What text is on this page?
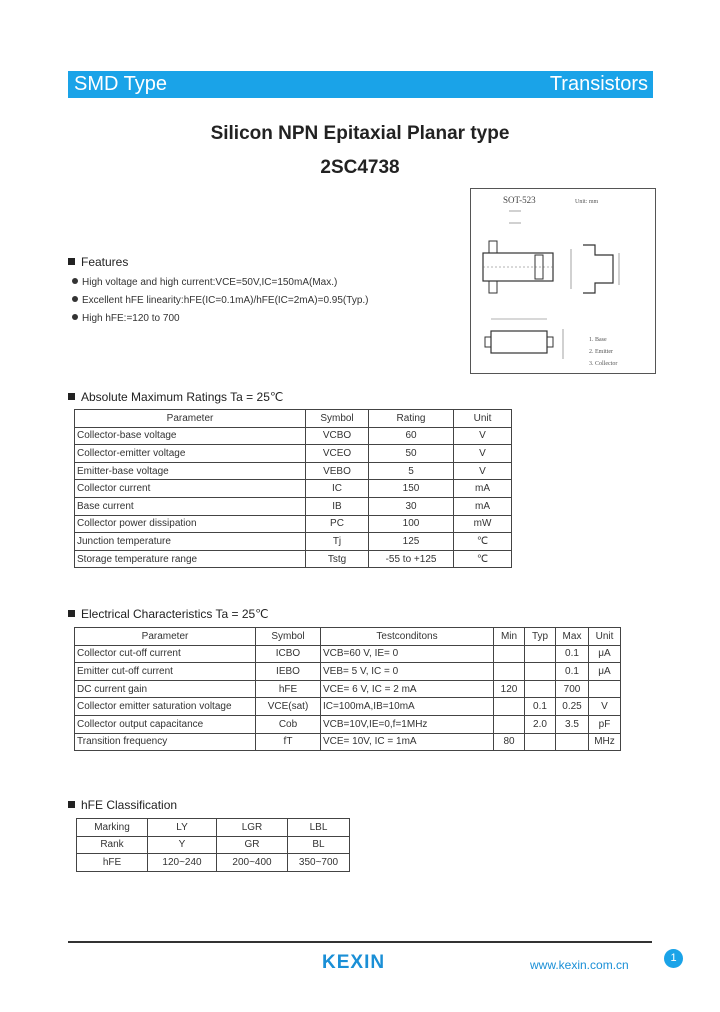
SMD Type	Transistors
Silicon NPN Epitaxial Planar type
2SC4738
Features
High voltage and high current:VCE=50V,IC=150mA(Max.)
Excellent hFE linearity:hFE(IC=0.1mA)/hFE(IC=2mA)=0.95(Typ.)
High hFE:=120 to 700
SOT-523	Unit: mm
1. Base
2. Emitter
3. Collector
Absolute Maximum Ratings Ta = 25℃
Parameter	Symbol	Rating	Unit
Collector-base voltage	VCBO	60	V
Collector-emitter voltage	VCEO	50	V
Emitter-base voltage	VEBO	5	V
Collector current	IC	150	mA
Base current	IB	30	mA
Collector power dissipation	PC	100	mW
Junction temperature	Tj	125	℃
Storage temperature range	Tstg	-55 to +125	℃
Electrical Characteristics Ta = 25℃
Parameter	Symbol	Testconditons	Min	Typ	Max	Unit
Collector cut-off current	ICBO	VCB=60 V, IE= 0			0.1	μA
Emitter cut-off current	IEBO	VEB= 5 V, IC = 0			0.1	μA
DC current gain	hFE	VCE= 6 V, IC = 2 mA	120		700	
Collector emitter saturation voltage	VCE(sat)	IC=100mA,IB=10mA		0.1	0.25	V
Collector output capacitance	Cob	VCB=10V,IE=0,f=1MHz		2.0	3.5	pF
Transition frequency	fT	VCE= 10V, IC = 1mA	80			MHz
hFE Classification
Marking	LY	LGR	LBL
Rank	Y	GR	BL
hFE	120~240	200~400	350~700
KEXIN	www.kexin.com.cn	1
